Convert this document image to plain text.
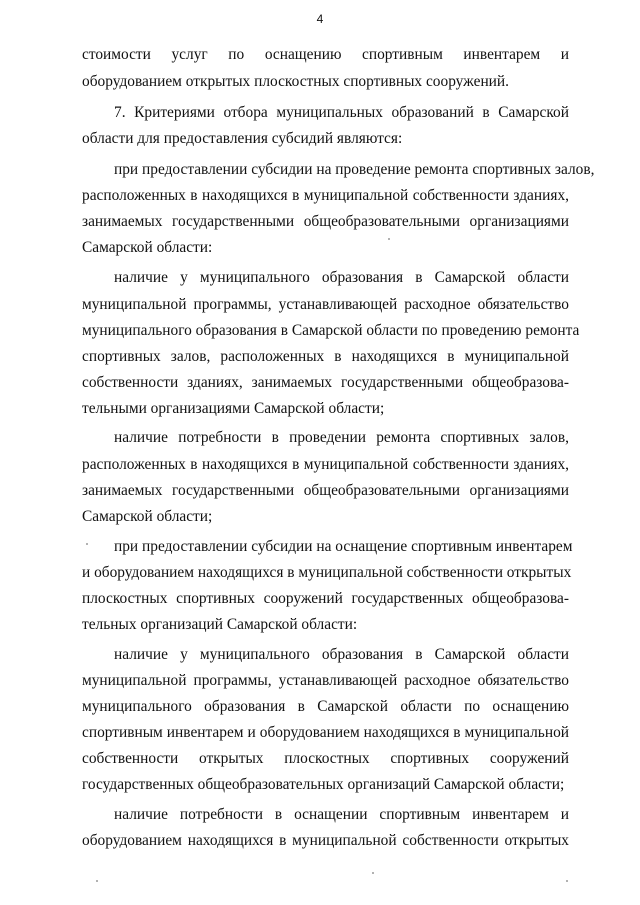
4
стоимости услуг по оснащению спортивным инвентарем и
оборудованием открытых плоскостных спортивных сооружений.
7. Критериями отбора муниципальных образований в Самарской
области для предоставления субсидий являются:
при предоставлении субсидии на проведение ремонта спортивных залов,
расположенных в находящихся в муниципальной собственности зданиях,
занимаемых государственными общеобразовательными организациями
Самарской области:
наличие у муниципального образования в Самарской области
муниципальной программы, устанавливающей расходное обязательство
муниципального образования в Самарской области по проведению ремонта
спортивных залов, расположенных в находящихся в муниципальной
собственности зданиях, занимаемых государственными общеобразова-
тельными организациями Самарской области;
наличие потребности в проведении ремонта спортивных залов,
расположенных в находящихся в муниципальной собственности зданиях,
занимаемых государственными общеобразовательными организациями
Самарской области;
при предоставлении субсидии на оснащение спортивным инвентарем
и оборудованием находящихся в муниципальной собственности открытых
плоскостных спортивных сооружений государственных общеобразова-
тельных организаций Самарской области:
наличие у муниципального образования в Самарской области
муниципальной программы, устанавливающей расходное обязательство
муниципального образования в Самарской области по оснащению
спортивным инвентарем и оборудованием находящихся в муниципальной
собственности открытых плоскостных спортивных сооружений
государственных общеобразовательных организаций Самарской области;
наличие потребности в оснащении спортивным инвентарем и
оборудованием находящихся в муниципальной собственности открытых
